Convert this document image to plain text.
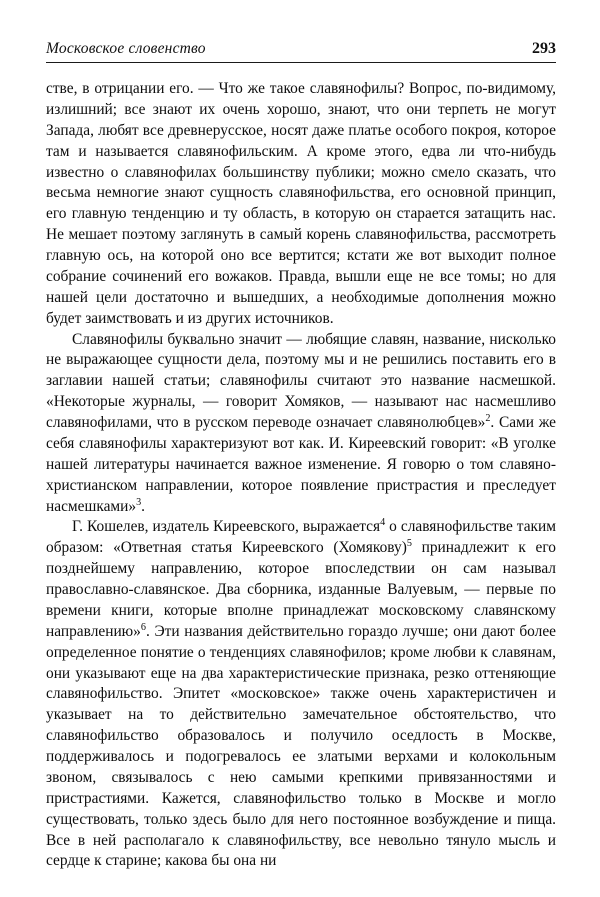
Московское словенство	293

стве, в отрицании его. — Что же такое славянофилы? Вопрос, по-видимому, излишний; все знают их очень хорошо, знают, что они терпеть не могут Запада, любят все древнерусское, носят даже платье особого покроя, которое там и называется славянофильским. А кроме этого, едва ли что-нибудь известно о славянофилах большинству публики; можно смело сказать, что весьма немногие знают сущность славянофильства, его основной принцип, его главную тенденцию и ту область, в которую он старается затащить нас. Не мешает поэтому заглянуть в самый корень славянофильства, рассмотреть главную ось, на которой оно все вертится; кстати же вот выходит полное собрание сочинений его вожаков. Правда, вышли еще не все томы; но для нашей цели достаточно и вышедших, а необходимые дополнения можно будет заимствовать и из других источников.

Славянофилы буквально значит — любящие славян, название, нисколько не выражающее сущности дела, поэтому мы и не решились поставить его в заглавии нашей статьи; славянофилы считают это название насмешкой. «Некоторые журналы, — говорит Хомяков, — называют нас насмешливо славянофилами, что в русском переводе означает славянолюбцев»$^2$. Сами же себя славянофилы характеризуют вот как. И. Киреевский говорит: «В уголке нашей литературы начинается важное изменение. Я говорю о том славяно-христианском направлении, которое появление пристрастия и преследует насмешками»$^3$.

Г. Кошелев, издатель Киреевского, выражается$^4$ о славянофильстве таким образом: «Ответная статья Киреевского (Хомякову)$^5$ принадлежит к его позднейшему направлению, которое впоследствии он сам называл православно-славянское. Два сборника, изданные Валуевым, — первые по времени книги, которые вполне принадлежат московскому славянскому направлению»$^6$. Эти названия действительно гораздо лучше; они дают более определенное понятие о тенденциях славянофилов; кроме любви к славянам, они указывают еще на два характеристические признака, резко оттеняющие славянофильство. Эпитет «московское» также очень характеристичен и указывает на то действительно замечательное обстоятельство, что славянофильство образовалось и получило оседлость в Москве, поддерживалось и подогревалось ее златыми верхами и колокольным звоном, связывалось с нею самыми крепкими привязанностями и пристрастиями. Кажется, славянофильство только в Москве и могло существовать, только здесь было для него постоянное возбуждение и пища. Все в ней располагало к славянофильству, все невольно тянуло мысль и сердце к старине; какова бы она ни
